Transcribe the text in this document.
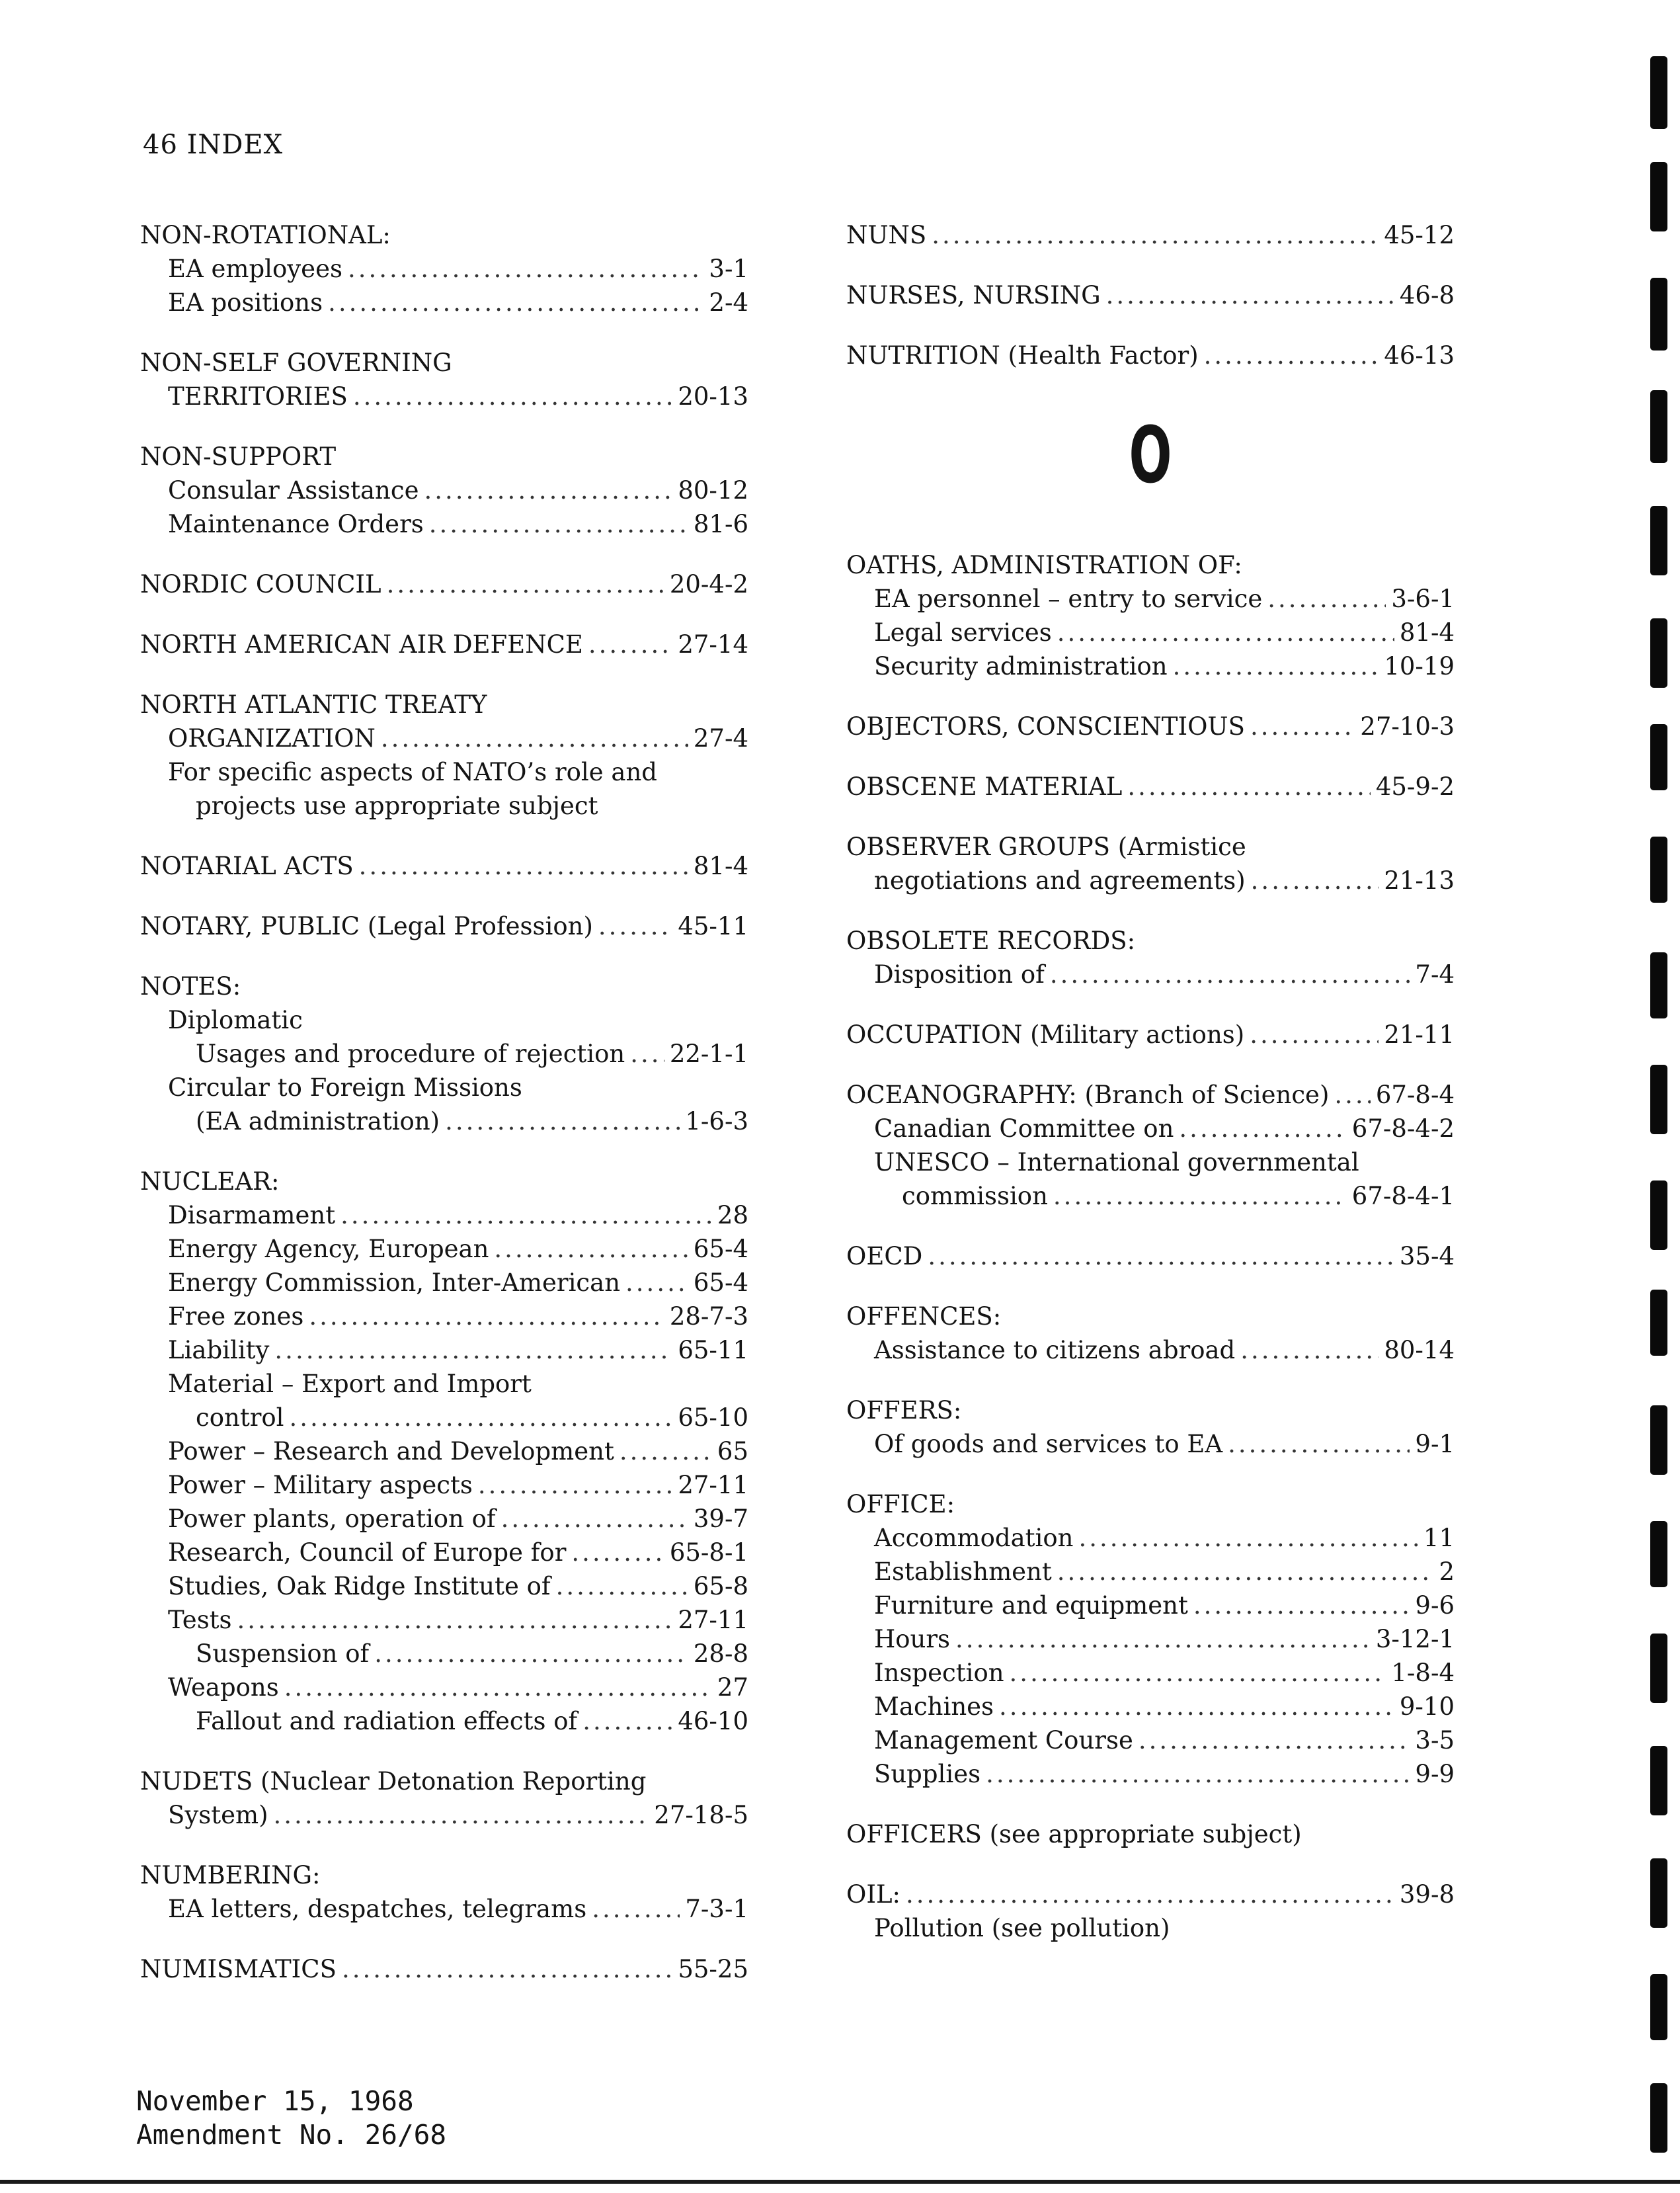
46 INDEX
NON-ROTATIONAL:
EA employees .....	3-1
EA positions .....	2-4
NON-SELF GOVERNING
TERRITORIES .....	20-13
NON-SUPPORT
Consular Assistance .....	80-12
Maintenance Orders .....	81-6
NORDIC COUNCIL .....	20-4-2
NORTH AMERICAN AIR DEFENCE .....	27-14
NORTH ATLANTIC TREATY
ORGANIZATION .....	27-4
For specific aspects of NATO’s role and
projects use appropriate subject
NOTARIAL ACTS .....	81-4
NOTARY, PUBLIC (Legal Profession) .....	45-11
NOTES:
Diplomatic
Usages and procedure of rejection ..... 22-1-1
Circular to Foreign Missions
(EA administration) .....	1-6-3
NUCLEAR:
Disarmament .....	28
Energy Agency, European .....	65-4
Energy Commission, Inter-American .....	65-4
Free zones .....	28-7-3
Liability .....	65-11
Material – Export and Import
control .....	65-10
Power – Research and Development .....	65
Power – Military aspects .....	27-11
Power plants, operation of .....	39-7
Research, Council of Europe for .....	65-8-1
Studies, Oak Ridge Institute of .....	65-8
Tests .....	27-11
Suspension of .....	28-8
Weapons .....	27
Fallout and radiation effects of .....	46-10
NUDETS (Nuclear Detonation Reporting
System) .....	27-18-5
NUMBERING:
EA letters, despatches, telegrams .....	7-3-1
NUMISMATICS .....	55-25
NUNS .....	45-12
NURSES, NURSING .....	46-8
NUTRITION (Health Factor) .....	46-13
O
OATHS, ADMINISTRATION OF:
EA personnel – entry to service .....	3-6-1
Legal services .....	81-4
Security administration .....	10-19
OBJECTORS, CONSCIENTIOUS .....	27-10-3
OBSCENE MATERIAL .....	45-9-2
OBSERVER GROUPS (Armistice
negotiations and agreements) .....	21-13
OBSOLETE RECORDS:
Disposition of .....	7-4
OCCUPATION (Military actions) .....	21-11
OCEANOGRAPHY: (Branch of Science) ..... 67-8-4
Canadian Committee on .....	67-8-4-2
UNESCO – International governmental
commission .....	67-8-4-1
OECD .....	35-4
OFFENCES:
Assistance to citizens abroad .....	80-14
OFFERS:
Of goods and services to EA .....	9-1
OFFICE:
Accommodation .....	11
Establishment .....	2
Furniture and equipment .....	9-6
Hours .....	3-12-1
Inspection .....	1-8-4
Machines .....	9-10
Management Course .....	3-5
Supplies .....	9-9
OFFICERS (see appropriate subject)
OIL: .....	39-8
Pollution (see pollution)
November 15, 1968
Amendment No. 26/68
